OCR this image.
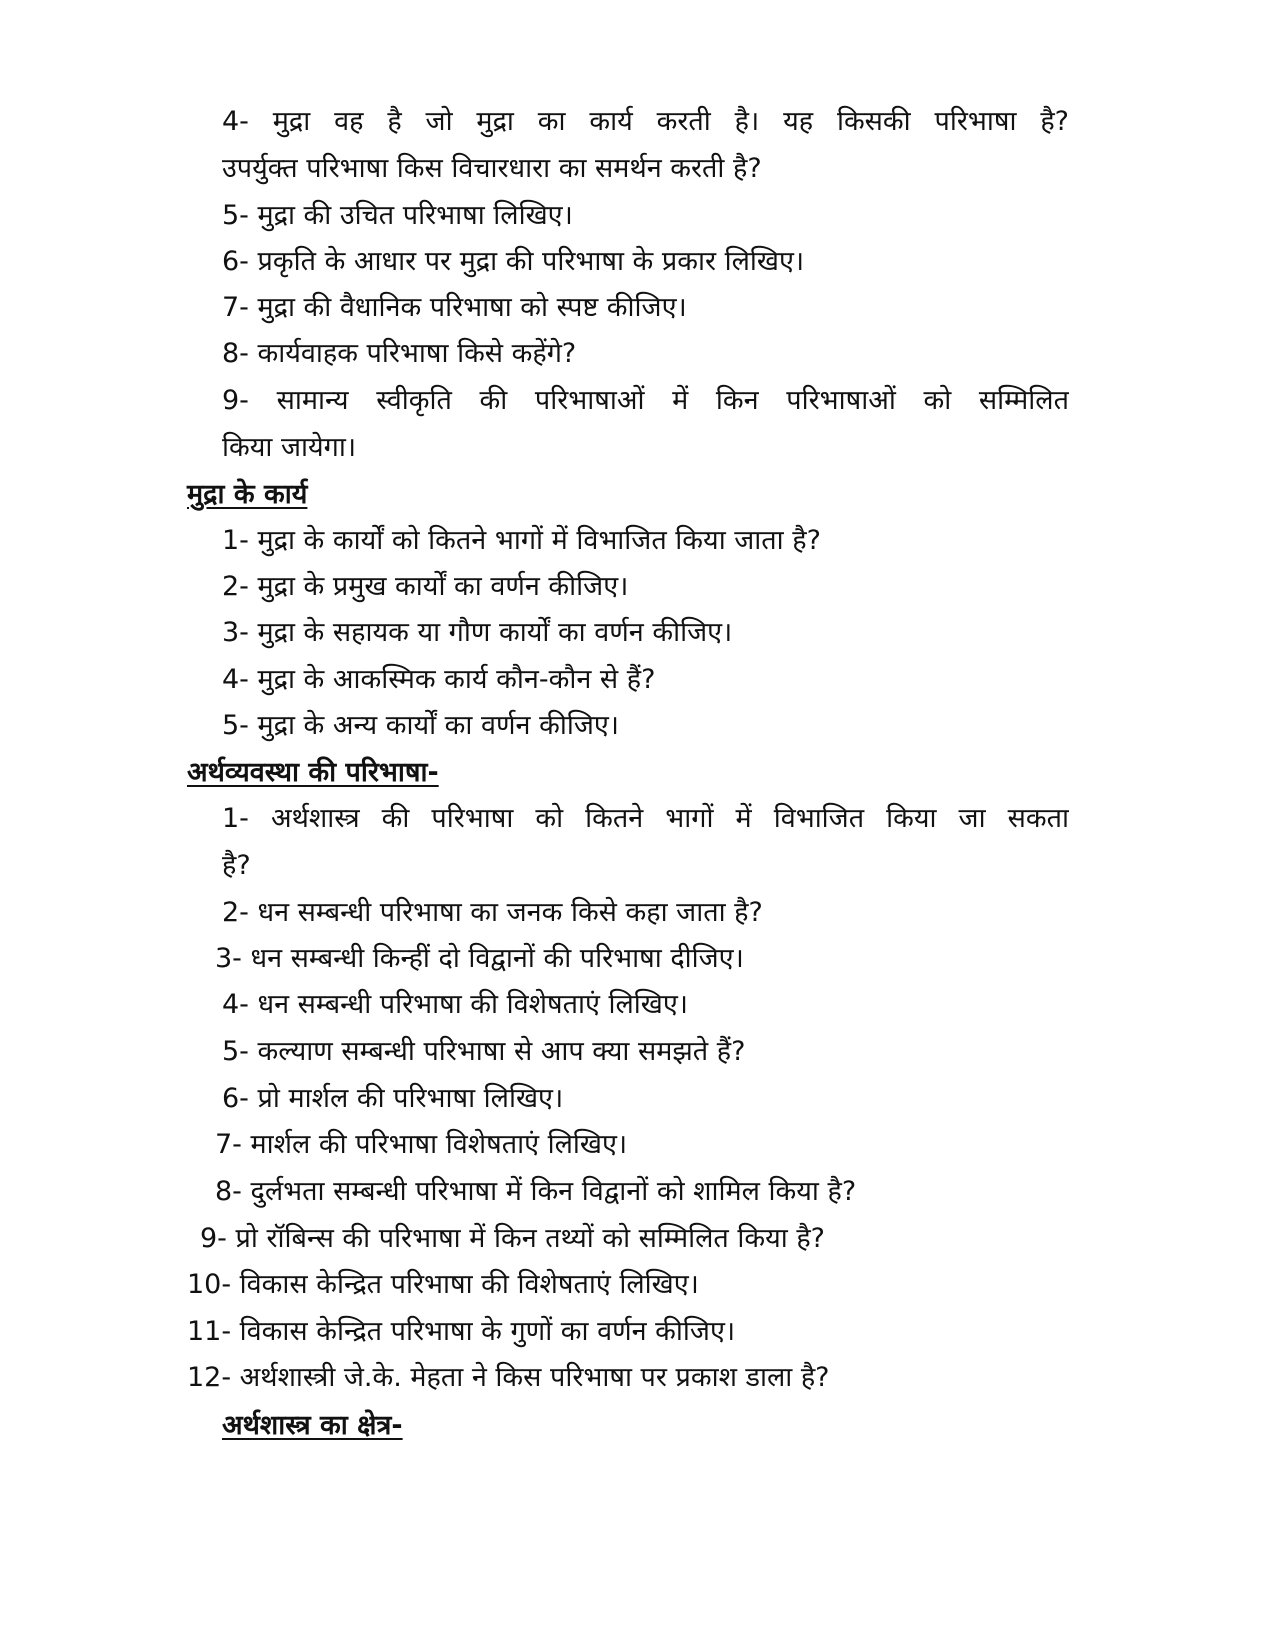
4- मुद्रा वह है जो मुद्रा का कार्य करती है। यह किसकी परिभाषा है?
उपर्युक्त परिभाषा किस विचारधारा का समर्थन करती है?
5- मुद्रा की उचित परिभाषा लिखिए।
6- प्रकृति के आधार पर मुद्रा की परिभाषा के प्रकार लिखिए।
7- मुद्रा की वैधानिक परिभाषा को स्पष्ट कीजिए।
8- कार्यवाहक परिभाषा किसे कहेंगे?
9- सामान्य स्वीकृति की परिभाषाओं में किन परिभाषाओं को सम्मिलित
किया जायेगा।
मुद्रा के कार्य
1- मुद्रा के कार्यों को कितने भागों में विभाजित किया जाता है?
2- मुद्रा के प्रमुख कार्यों का वर्णन कीजिए।
3- मुद्रा के सहायक या गौण कार्यों का वर्णन कीजिए।
4- मुद्रा के आकस्मिक कार्य कौन-कौन से हैं?
5- मुद्रा के अन्य कार्यों का वर्णन कीजिए।
अर्थव्यवस्था की परिभाषा-
1- अर्थशास्त्र की परिभाषा को कितने भागों में विभाजित किया जा सकता
है?
2- धन सम्बन्धी परिभाषा का जनक किसे कहा जाता है?
3- धन सम्बन्धी किन्हीं दो विद्वानों की परिभाषा दीजिए।
4- धन सम्बन्धी परिभाषा की विशेषताएं लिखिए।
5- कल्याण सम्बन्धी परिभाषा से आप क्या समझते हैं?
6- प्रो मार्शल की परिभाषा लिखिए।
7- मार्शल की परिभाषा विशेषताएं लिखिए।
8- दुर्लभता सम्बन्धी परिभाषा में किन विद्वानों को शामिल किया है?
9- प्रो रॉबिन्स की परिभाषा में किन तथ्यों को सम्मिलित किया है?
10- विकास केन्द्रित परिभाषा की विशेषताएं लिखिए।
11- विकास केन्द्रित परिभाषा के गुणों का वर्णन कीजिए।
12- अर्थशास्त्री जे.के. मेहता ने किस परिभाषा पर प्रकाश डाला है?
अर्थशास्त्र का क्षेत्र-
